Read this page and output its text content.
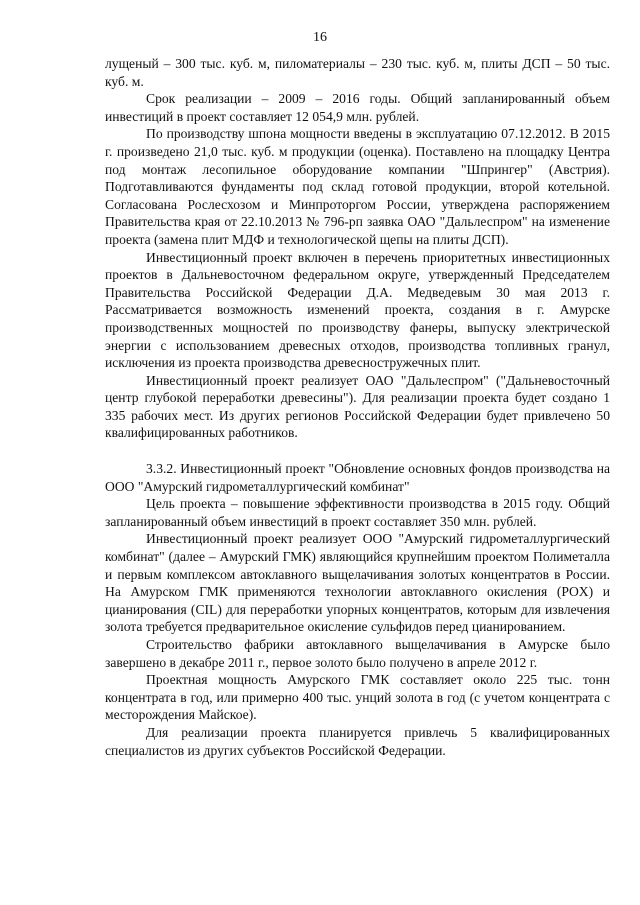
16

лущеный – 300 тыс. куб. м, пиломатериалы – 230 тыс. куб. м, плиты ДСП – 50 тыс. куб. м.

Срок реализации – 2009 – 2016 годы. Общий запланированный объем инвестиций в проект составляет 12 054,9 млн. рублей.

По производству шпона мощности введены в эксплуатацию 07.12.2012. В 2015 г. произведено 21,0 тыс. куб. м продукции (оценка). Поставлено на площадку Центра под монтаж лесопильное оборудование компании "Шпрингер" (Австрия). Подготавливаются фундаменты под склад готовой продукции, второй котельной. Согласована Рослесхозом и Минпроторгом России, утверждена распоряжением Правительства края от 22.10.2013 № 796-рп заявка ОАО "Дальлеспром" на изменение проекта (замена плит МДФ и технологической щепы на плиты ДСП).

Инвестиционный проект включен в перечень приоритетных инвестиционных проектов в Дальневосточном федеральном округе, утвержденный Председателем Правительства Российской Федерации Д.А. Медведевым 30 мая 2013 г. Рассматривается возможность изменений проекта, создания в г. Амурске производственных мощностей по производству фанеры, выпуску электрической энергии с использованием древесных отходов, производства топливных гранул, исключения из проекта производства древесностружечных плит.

Инвестиционный проект реализует ОАО "Дальлеспром" ("Дальневосточный центр глубокой переработки древесины"). Для реализации проекта будет создано 1 335 рабочих мест. Из других регионов Российской Федерации будет привлечено 50 квалифицированных работников.

3.3.2. Инвестиционный проект "Обновление основных фондов производства на ООО "Амурский гидрометаллургический комбинат"

Цель проекта – повышение эффективности производства в 2015 году. Общий запланированный объем инвестиций в проект составляет 350 млн. рублей.

Инвестиционный проект реализует ООО "Амурский гидрометаллургический комбинат" (далее – Амурский ГМК) являющийся крупнейшим проектом Полиметалла и первым комплексом автоклавного выщелачивания золотых концентратов в России. На Амурском ГМК применяются технологии автоклавного окисления (POX) и цианирования (CIL) для переработки упорных концентратов, которым для извлечения золота требуется предварительное окисление сульфидов перед цианированием.

Строительство фабрики автоклавного выщелачивания в Амурске было завершено в декабре 2011 г., первое золото было получено в апреле 2012 г.

Проектная мощность Амурского ГМК составляет около 225 тыс. тонн концентрата в год, или примерно 400 тыс. унций золота в год (с учетом концентрата с месторождения Майское).

Для реализации проекта планируется привлечь 5 квалифицированных специалистов из других субъектов Российской Федерации.
